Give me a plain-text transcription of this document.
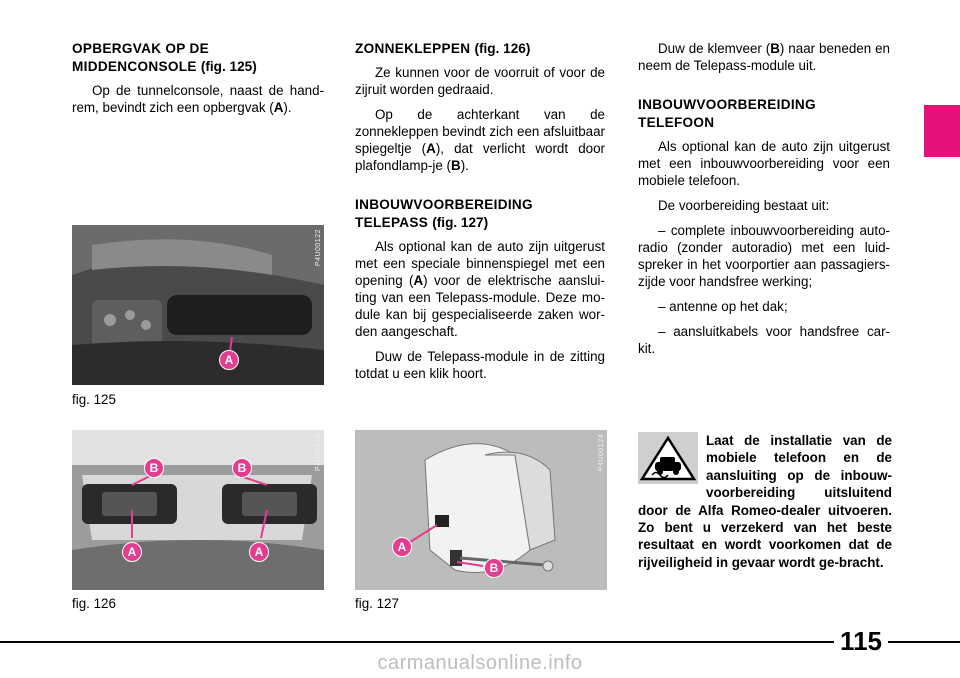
OPBERGVAK OP DE MIDDENCONSOLE (fig. 125)

Op de tunnelconsole, naast de hand-rem, bevindt zich een opbergvak (A).

ZONNEKLEPPEN (fig. 126)

Ze kunnen voor de voorruit of voor de zijruit worden gedraaid.

Op de achterkant van de zonnekleppen bevindt zich een afsluitbaar spiegeltje (A), dat verlicht wordt door plafondlamp-je (B).

INBOUWVOORBEREIDING TELEPASS (fig. 127)

Als optional kan de auto zijn uitgerust met een speciale binnenspiegel met een opening (A) voor de elektrische aanslui-ting van een Telepass-module. Deze mo-dule kan bij gespecialiseerde zaken wor-den aangeschaft.

Duw de Telepass-module in de zitting totdat u een klik hoort.

Duw de klemveer (B) naar beneden en neem de Telepass-module uit.

INBOUWVOORBEREIDING TELEFOON

Als optional kan de auto zijn uitgerust met een inbouwvoorbereiding voor een mobiele telefoon.

De voorbereiding bestaat uit:

– complete inbouwvoorbereiding auto-radio (zonder autoradio) met een luid-spreker in het voorportier aan passagiers-zijde voor handsfree werking;

– antenne op het dak;

– aansluitkabels voor handsfree car-kit.

Laat de installatie van de mobiele telefoon en de aansluiting op de inbouw-voorbereiding uitsluitend door de Alfa Romeo-dealer uitvoeren. Zo bent u verzekerd van het beste resultaat en wordt voorkomen dat de rijveiligheid in gevaar wordt ge-bracht.
A
P4U00122
fig. 125
B	B
A	A
P4U00249
fig. 126
A
B
P4U00124
fig. 127
115
carmanualsonline.info
